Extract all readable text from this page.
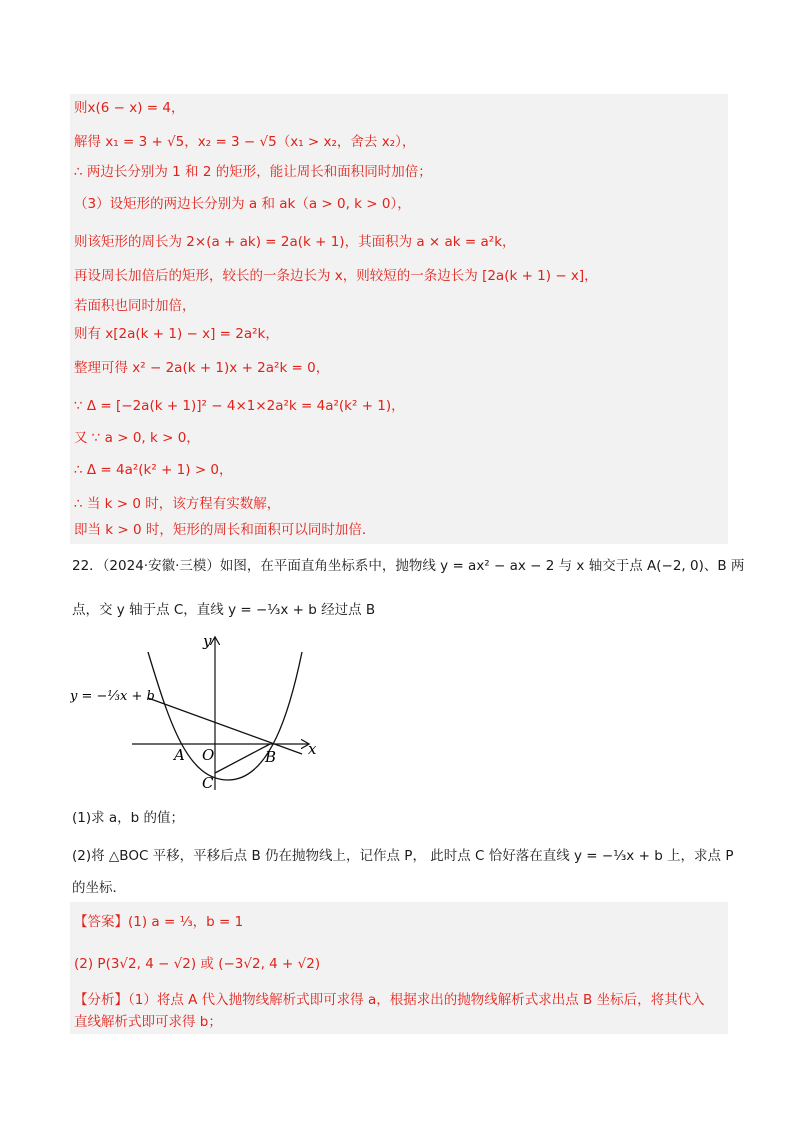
则x(6 − x) = 4，
解得 x₁ = 3 + √5，x₂ = 3 − √5（x₁ > x₂，舍去 x₂），
∴ 两边长分别为 1 和 2 的矩形，能让周长和面积同时加倍；
（3）设矩形的两边长分别为 a 和 ak（a > 0, k > 0），
则该矩形的周长为 2×(a + ak) = 2a(k + 1)，其面积为 a × ak = a²k，
再设周长加倍后的矩形，较长的一条边长为 x，则较短的一条边长为 [2a(k + 1) − x]，
若面积也同时加倍，
则有 x[2a(k + 1) − x] = 2a²k，
整理可得 x² − 2a(k + 1)x + 2a²k = 0，
∵ Δ = [−2a(k + 1)]² − 4×1×2a²k = 4a²(k² + 1)，
又 ∵ a > 0, k > 0，
∴ Δ = 4a²(k² + 1) > 0，
∴ 当 k > 0 时，该方程有实数解，
即当 k > 0 时，矩形的周长和面积可以同时加倍．
22．（2024·安徽·三模）如图，在平面直角坐标系中，抛物线 y = ax² − ax − 2 与 x 轴交于点 A(−2, 0)、B 两
点，交 y 轴于点 C，直线 y = −⅓x + b 经过点 B
y
x
y = −⅓x + b
A O	B
C
(1)求 a，b 的值；
(2)将 △BOC 平移，平移后点 B 仍在抛物线上，记作点 P， 此时点 C 恰好落在直线 y = −⅓x + b 上，求点 P
的坐标．
【答案】(1) a = ⅓，b = 1
(2) P(3√2, 4 − √2) 或 (−3√2, 4 + √2)
【分析】（1）将点 A 代入抛物线解析式即可求得 a，根据求出的抛物线解析式求出点 B 坐标后，将其代入
直线解析式即可求得 b；
